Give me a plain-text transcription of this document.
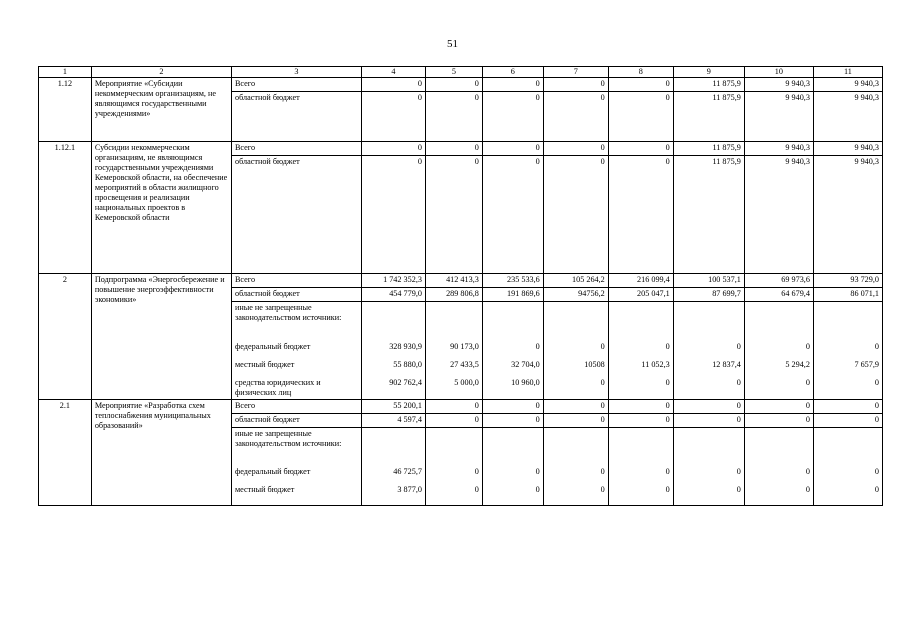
51
1	2	3	4	5	6	7	8	9	10	11
1.12	Мероприятие «Субсидии некоммерческим организациям, не являющимся государственными учреждениями»	Всего	0	0	0	0	0	11 875,9	9 940,3	9 940,3
		областной бюджет	0	0	0	0	0	11 875,9	9 940,3	9 940,3
1.12.1	Субсидии некоммерческим организациям, не являющимся государственными учреждениями Кемеровской области, на обеспечение мероприятий в области жилищного просвещения и реализации национальных проектов в Кемеровской области	Всего	0	0	0	0	0	11 875,9	9 940,3	9 940,3
		областной бюджет	0	0	0	0	0	11 875,9	9 940,3	9 940,3
2	Подпрограмма «Энергосбережение и повышение энергоэффективности экономики»	Всего	1 742 352,3	412 413,3	235 533,6	105 264,2	216 099,4	100 537,1	69 973,6	93 729,0
		областной бюджет	454 779,0	289 806,8	191 869,6	94756,2	205 047,1	87 699,7	64 679,4	86 071,1
		иные не запрещенные законодательством источники:								
		федеральный бюджет	328 930,9	90 173,0	0	0	0	0	0	0
		местный бюджет	55 880,0	27 433,5	32 704,0	10508	11 052,3	12 837,4	5 294,2	7 657,9
		средства юридических и физических лиц	902 762,4	5 000,0	10 960,0	0	0	0	0	0
2.1	Мероприятие «Разработка схем теплоснабжения муниципальных образований»	Всего	55 200,1	0	0	0	0	0	0	0
		областной бюджет	4 597,4	0	0	0	0	0	0	0
		иные не запрещенные законодательством источники:								
		федеральный бюджет	46 725,7	0	0	0	0	0	0	0
		местный бюджет	3 877,0	0	0	0	0	0	0	0
